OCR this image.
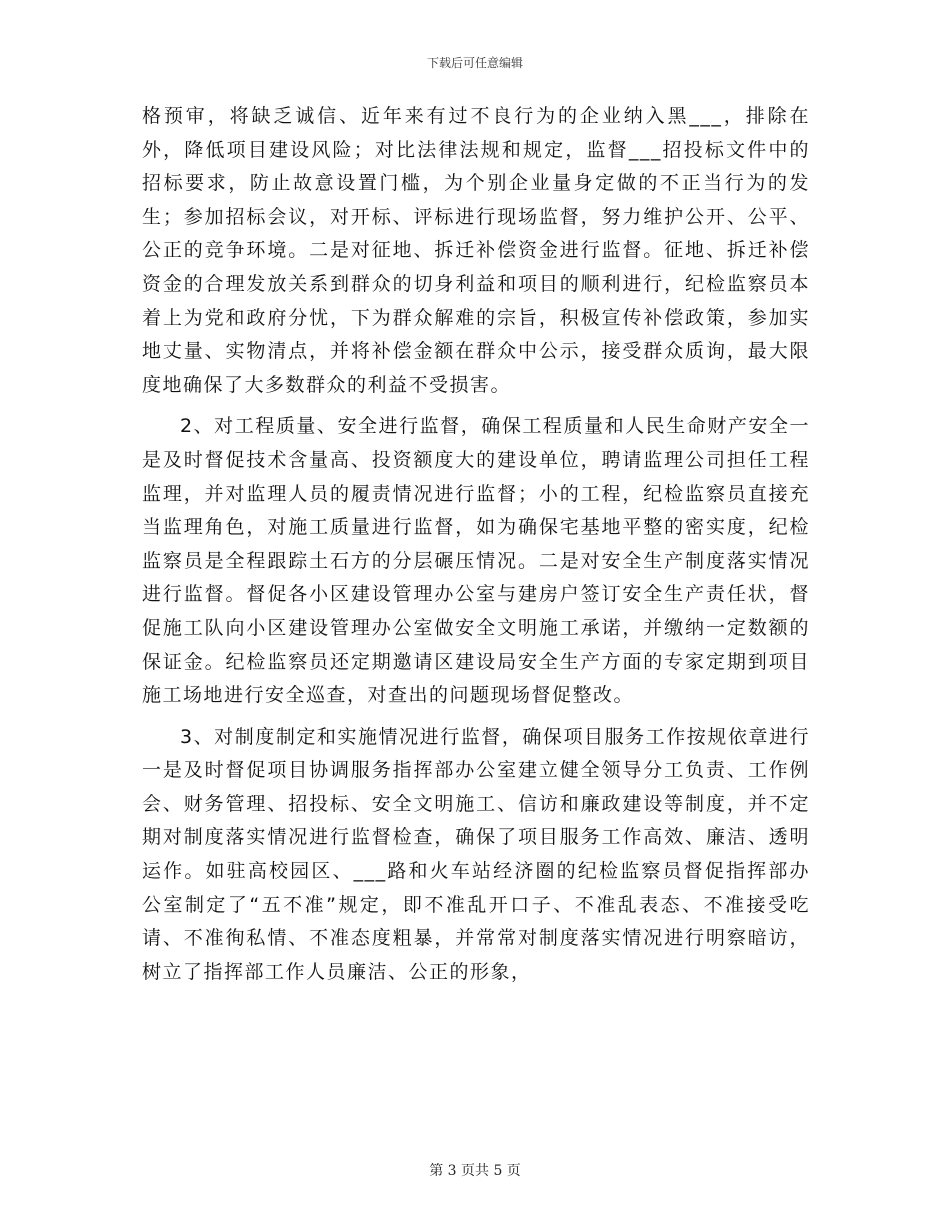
下载后可任意编辑

格预审，将缺乏诚信、近年来有过不良行为的企业纳入黑___，排除在外，降低项目建设风险；对比法律法规和规定，监督___招投标文件中的招标要求，防止故意设置门槛，为个别企业量身定做的不正当行为的发生；参加招标会议，对开标、评标进行现场监督，努力维护公开、公平、公正的竞争环境。二是对征地、拆迁补偿资金进行监督。征地、拆迁补偿资金的合理发放关系到群众的切身利益和项目的顺利进行，纪检监察员本着上为党和政府分忧，下为群众解难的宗旨，积极宣传补偿政策，参加实地丈量、实物清点，并将补偿金额在群众中公示，接受群众质询，最大限度地确保了大多数群众的利益不受损害。

2、对工程质量、安全进行监督，确保工程质量和人民生命财产安全一是及时督促技术含量高、投资额度大的建设单位，聘请监理公司担任工程监理，并对监理人员的履责情况进行监督；小的工程，纪检监察员直接充当监理角色，对施工质量进行监督，如为确保宅基地平整的密实度，纪检监察员是全程跟踪土石方的分层碾压情况。二是对安全生产制度落实情况进行监督。督促各小区建设管理办公室与建房户签订安全生产责任状，督促施工队向小区建设管理办公室做安全文明施工承诺，并缴纳一定数额的保证金。纪检监察员还定期邀请区建设局安全生产方面的专家定期到项目施工场地进行安全巡查，对查出的问题现场督促整改。

3、对制度制定和实施情况进行监督，确保项目服务工作按规依章进行一是及时督促项目协调服务指挥部办公室建立健全领导分工负责、工作例会、财务管理、招投标、安全文明施工、信访和廉政建设等制度，并不定期对制度落实情况进行监督检查，确保了项目服务工作高效、廉洁、透明运作。如驻高校园区、___路和火车站经济圈的纪检监察员督促指挥部办公室制定了“五不准”规定，即不准乱开口子、不准乱表态、不准接受吃请、不准徇私情、不准态度粗暴，并常常对制度落实情况进行明察暗访，树立了指挥部工作人员廉洁、公正的形象，

第 3 页共 5 页
